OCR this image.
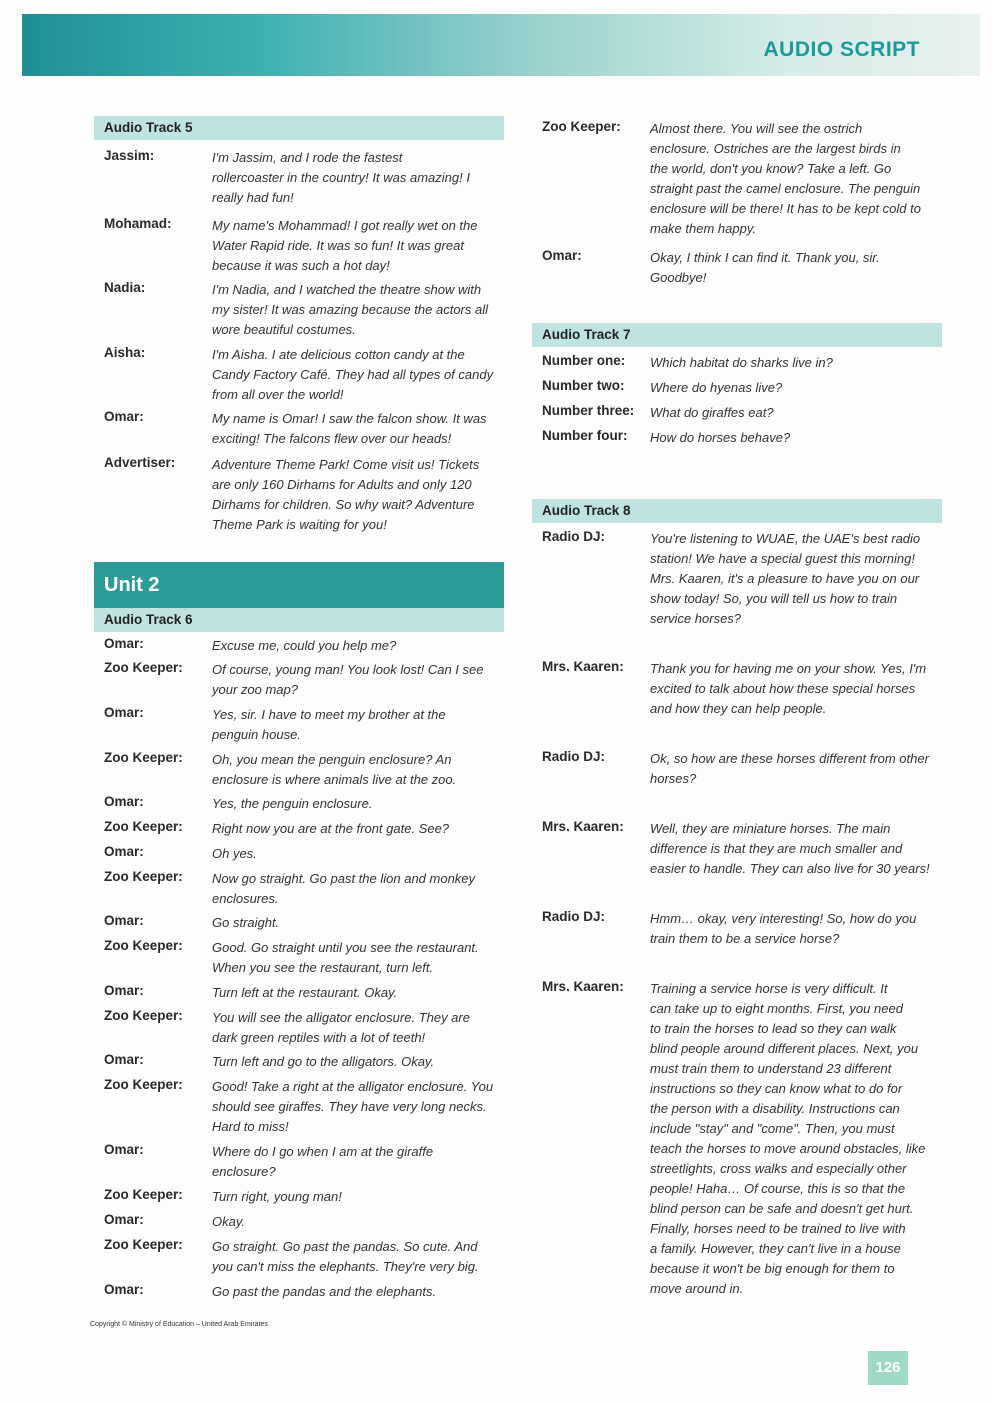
AUDIO SCRIPT
Audio Track 5
Jassim:	I'm Jassim, and I rode the fastest
rollercoaster in the country! It was amazing! I
really had fun!
Mohamad:	My name's Mohammad! I got really wet on the
Water Rapid ride. It was so fun! It was great
because it was such a hot day!
Nadia:	I'm Nadia, and I watched the theatre show with
my sister! It was amazing because the actors all
wore beautiful costumes.
Aisha:	I'm Aisha. I ate delicious cotton candy at the
Candy Factory Café. They had all types of candy
from all over the world!
Omar:	My name is Omar! I saw the falcon show. It was
exciting! The falcons flew over our heads!
Advertiser:	Adventure Theme Park! Come visit us! Tickets
are only 160 Dirhams for Adults and only 120
Dirhams for children. So why wait? Adventure
Theme Park is waiting for you!
Unit 2
Audio Track 6
Omar:	Excuse me, could you help me?
Zoo Keeper: Of course, young man! You look lost! Can I see
your zoo map?
Omar:	Yes, sir. I have to meet my brother at the
penguin house.
Zoo Keeper: Oh, you mean the penguin enclosure? An
enclosure is where animals live at the zoo.
Omar:	Yes, the penguin enclosure.
Zoo Keeper: Right now you are at the front gate. See?
Omar:	Oh yes.
Zoo Keeper: Now go straight. Go past the lion and monkey
enclosures.
Omar:	Go straight.
Zoo Keeper: Good. Go straight until you see the restaurant.
When you see the restaurant, turn left.
Omar:	Turn left at the restaurant. Okay.
Zoo Keeper: You will see the alligator enclosure. They are
dark green reptiles with a lot of teeth!
Omar:	Turn left and go to the alligators. Okay.
Zoo Keeper: Good! Take a right at the alligator enclosure. You
should see giraffes. They have very long necks.
Hard to miss!
Omar:	Where do I go when I am at the giraffe
enclosure?
Zoo Keeper: Turn right, young man!
Omar:	Okay.
Zoo Keeper: Go straight. Go past the pandas. So cute. And
you can't miss the elephants. They're very big.
Omar:	Go past the pandas and the elephants.
Zoo Keeper: Almost there. You will see the ostrich
enclosure. Ostriches are the largest birds in
the world, don't you know? Take a left. Go
straight past the camel enclosure. The penguin
enclosure will be there! It has to be kept cold to
make them happy.
Omar:	Okay, I think I can find it. Thank you, sir.
Goodbye!
Audio Track 7
Number one: Which habitat do sharks live in?
Number two: Where do hyenas live?
Number three: What do giraffes eat?
Number four: How do horses behave?
Audio Track 8
Radio DJ:	You're listening to WUAE, the UAE's best radio
station! We have a special guest this morning!
Mrs. Kaaren, it's a pleasure to have you on our
show today! So, you will tell us how to train
service horses?
Mrs. Kaaren: Thank you for having me on your show. Yes, I'm
excited to talk about how these special horses
and how they can help people.
Radio DJ:	Ok, so how are these horses different from other
horses?
Mrs. Kaaren: Well, they are miniature horses. The main
difference is that they are much smaller and
easier to handle. They can also live for 30 years!
Radio DJ:	Hmm… okay, very interesting! So, how do you
train them to be a service horse?
Mrs. Kaaren: Training a service horse is very difficult. It
can take up to eight months. First, you need
to train the horses to lead so they can walk
blind people around different places. Next, you
must train them to understand 23 different
instructions so they can know what to do for
the person with a disability. Instructions can
include "stay" and "come". Then, you must
teach the horses to move around obstacles, like
streetlights, cross walks and especially other
people! Haha… Of course, this is so that the
blind person can be safe and doesn't get hurt.
Finally, horses need to be trained to live with
a family. However, they can't live in a house
because it won't be big enough for them to
move around in.
Copyright © Ministry of Education – United Arab Emirates
126
